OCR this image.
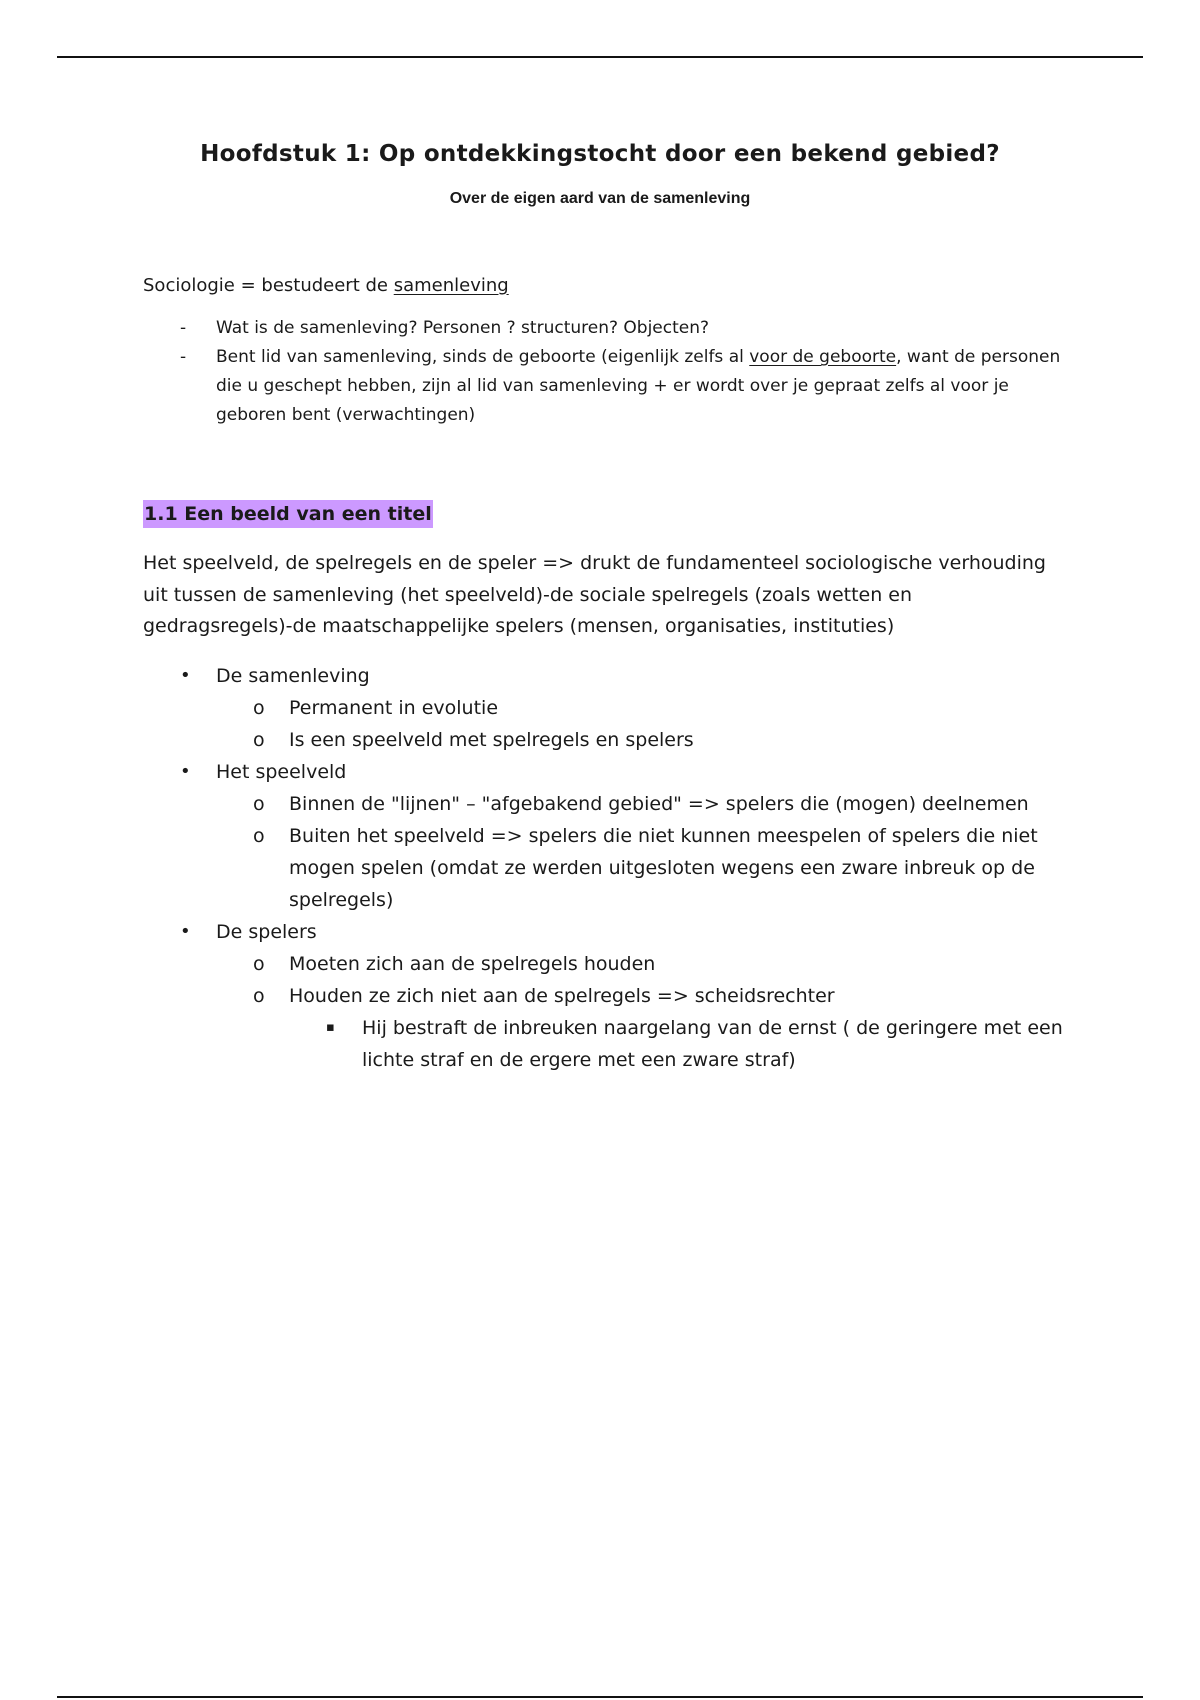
Hoofdstuk 1: Op ontdekkingstocht door een bekend gebied?
Over de eigen aard van de samenleving
Sociologie = bestudeert de samenleving
- Wat is de samenleving? Personen ? structuren? Objecten?
- Bent lid van samenleving, sinds de geboorte (eigenlijk zelfs al voor de geboorte, want de personen die u geschept hebben, zijn al lid van samenleving + er wordt over je gepraat zelfs al voor je geboren bent (verwachtingen)
1.1 Een beeld van een titel

Het speelveld, de spelregels en de speler => drukt de fundamenteel sociologische verhouding uit tussen de samenleving (het speelveld)-de sociale spelregels (zoals wetten en gedragsregels)-de maatschappelijke spelers (mensen, organisaties, instituties)

• De samenleving
o Permanent in evolutie
o Is een speelveld met spelregels en spelers
• Het speelveld
o Binnen de "lijnen" – "afgebakend gebied" => spelers die (mogen) deelnemen
o Buiten het speelveld => spelers die niet kunnen meespelen of spelers die niet mogen spelen (omdat ze werden uitgesloten wegens een zware inbreuk op de spelregels)
• De spelers
o Moeten zich aan de spelregels houden
o Houden ze zich niet aan de spelregels => scheidsrechter
▪ Hij bestraft de inbreuken naargelang van de ernst ( de geringere met een lichte straf en de ergere met een zware straf)
